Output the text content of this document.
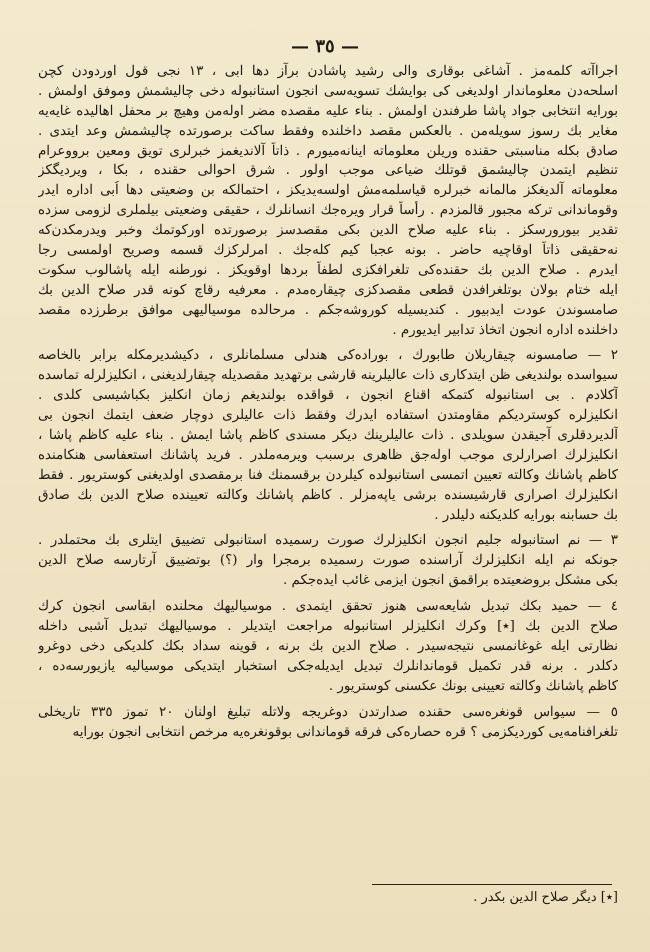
— ٣٥ —
اجراآته كلمه‌مز . آشاغی بوقاری والی رشید پاشادن برآز دها ابی ، ١٣ نجی قول اوردودن كچن
اسلحه‌دن معلوماندار اولدیغی كی بوایشك تسویه‌سی انجون استانبوله دخی چالیشمش وموفق اولمش .
بورایه انتخابی جواد پاشا طرفندن اولمش . بناء علیه مقصده مضر اوله‌من وهیچ بر محفل اهالیده غایه‌یه
مغایر بك رسوز سویله‌من . بالعكس مقصد داخلنده وفقط ساكت برصورتده چالیشمش وعد ایتدی .
صادق بكله مناسبتی حقنده وریلن معلوماته اینانه‌میورم . ذاتاً آلاندیغمز خبرلری تویق ومعین برووعرام
تنظیم ایتمدن چالیشمق قوتلك ضیاعی موجب اولور . شرق احوالی حقنده ، بكا ، ویردیگكز
معلوماته آلدیغكز مالمانه خبرلره قیاسلمه‌مش اولسه‌یدیكز ، احتمالكه بن وضعیتی دها اُبی اداره ایدر
وقوماندانی تركه مجبور قالمزدم . رأساً قرار ویره‌جك انسانلرك ، حقیقی وضعیتی بیلملری لزومی سزده
تقدیر بیورورسكز . بناء علیه صلاح الدین بكی مقصدسز برصورتده اوركوتمك وخبر ویدرمكدن‌كه
نه‌حقیقی ذاتاً اوقاچیه حاضر . بونه عجبا كیم كله‌جك . امرلركزك قسمه وصریح اولمسی رجا
ایدرم . صلاح الدین بك حقنده‌كی تلغرافكزی لطفاً بردها اوقویكز . نورطنه ایله پاشالوب سكوت
ایله ختام بولان بوتلغرافدن قطعی مقصدكزی چیقاره‌مدم . معرفیه رقاچ كونه قدر صلاح الدین بك
صامسوندن عودت ایدبیور . كندیسیله كوروشه‌جكم . مرحالده موسیالیهی موافق برطرزده مقصد
داخلنده اداره انجون اتخاذ تدابیر ایدیورم .
٢ — صامسونه چیقاریلان طابورك ، بوراده‌كی هندلی مسلمانلری ، دكیشدیرمكله برابر بالخاصه
سیواسده بولندیغی ظن ایتدكاری ذات عالیلرینه قارشی برتهدید مقصدیله چیقارلدیغنی ، انكلیزلرله تماسده
آكلادم . بی استانبوله كتمكه اقناع انجون ، قواقده بولندیغم زمان انكلیز بكباشیسی كلدی .
انكلیزلره كوستردیكم مقاومتدن استفاده ایدرك وفقط ذات عالیلری دوچار ضعف ایتمك انجون بی
آلدیردقلری آجیقدن سویلدی . ذات عالیلرینك دیكر مسندی كاظم پاشا ایمش . بناء علیه كاظم پاشا ،
انكلیزلرك اصرارلری موجب اوله‌جق ظاهری برسبب ویرمه‌ملدر . فرید پاشانك استعفاسی هنكامنده
كاظم پاشانك وكالته تعیین اتمسی استانبولده كیلردن برقسمنك فنا برمقصدی اولدیغنی كوستریور . فقط
انكلیزلرك اصراری قارشیسنده برشی یاپه‌مزلر . كاظم پاشانك وكالته تعیینده صلاح الدین بك صادق
بك حسابنه بورایه كلدیكنه دلیلدر .
٣ — نم استانبوله جلیم انجون انكلیزلرك صورت رسمیده استانبولی تضییق ایتلری بك محتملدر .
جونكه نم ایله انكلیزلرك آراسنده صورت رسمیده برمجرا وار (؟) بوتضییق آرتارسه صلاح الدین
بكی مشكل بروضعیتده براقمق انجون ایزمی غائب ایده‌جكم .
٤ — حمید بكك تبدیل شایعه‌سی هنوز تحقق ایتمدی . موسیالیهك محلنده ابقاسی انجون كرك
صلاح الدین بك [٭] وكرك انكلیزلر استانبوله مراجعت ایتدیلر . موسیالیهك تبدیل آشبی داخله
نظارتی ایله غوغانمسی نتیجه‌سیدر . صلاح الدین بك برنه ، قوینه سداد بكك كلدیكی دخی دوغرو
دكلدر . برنه قدر تكمیل قوماندانلرك تبدیل ایدیله‌جكی استخبار ایتدیكی موسیالیه یازیورسه‌ده ،
كاظم پاشانك وكالته تعیینی بونك عكسنی كوستریور .
٥ — سیواس قونغره‌سی حقنده صدارتدن دوغریجه ولاتله تبلیغ اولنان ٢٠ تموز ٣٣٥ تاریخلی
تلغرافنامه‌یی كوردیكزمی ؟ قره حصاره‌كی فرقه قوماندانی بوقونغره‌یه مرخص انتخابی انجون بورایه
[٭] دیگر صلاح الدین بكدر .
